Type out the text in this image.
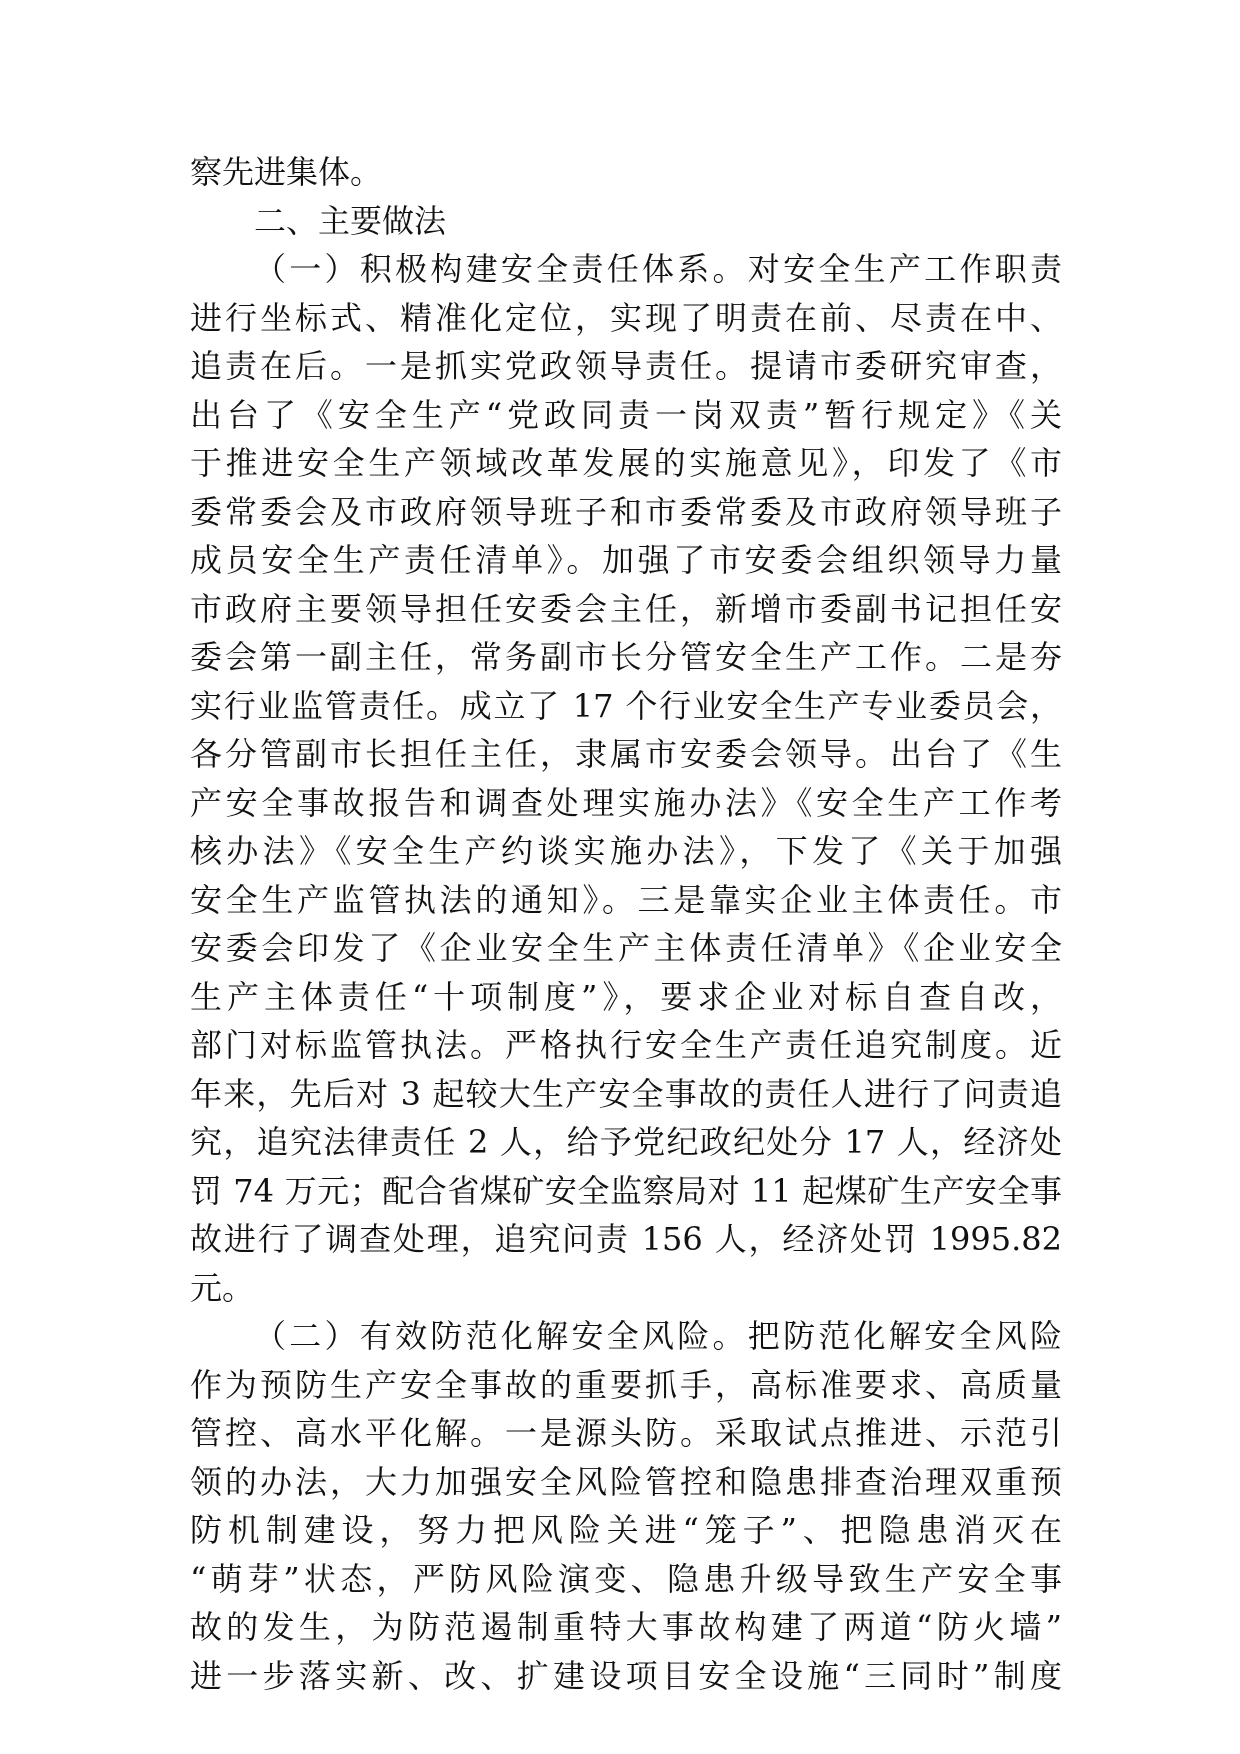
察先进集体。
二、主要做法
（一）积极构建安全责任体系。对安全生产工作职责
进行坐标式、精准化定位，实现了明责在前、尽责在中、
追责在后。一是抓实党政领导责任。提请市委研究审查，
出台了《安全生产“党政同责一岗双责”暂行规定》《关
于推进安全生产领域改革发展的实施意见》，印发了《市
委常委会及市政府领导班子和市委常委及市政府领导班子
成员安全生产责任清单》。加强了市安委会组织领导力量
市政府主要领导担任安委会主任，新增市委副书记担任安
委会第一副主任，常务副市长分管安全生产工作。二是夯
实行业监管责任。成立了 17 个行业安全生产专业委员会，
各分管副市长担任主任，隶属市安委会领导。出台了《生
产安全事故报告和调查处理实施办法》《安全生产工作考
核办法》《安全生产约谈实施办法》，下发了《关于加强
安全生产监管执法的通知》。三是靠实企业主体责任。市
安委会印发了《企业安全生产主体责任清单》《企业安全
生产主体责任“十项制度”》，要求企业对标自查自改，
部门对标监管执法。严格执行安全生产责任追究制度。近
年来，先后对 3 起较大生产安全事故的责任人进行了问责追
究，追究法律责任 2 人，给予党纪政纪处分 17 人，经济处
罚 74 万元；配合省煤矿安全监察局对 11 起煤矿生产安全事
故进行了调查处理，追究问责 156 人，经济处罚 1995.82
元。
（二）有效防范化解安全风险。把防范化解安全风险
作为预防生产安全事故的重要抓手，高标准要求、高质量
管控、高水平化解。一是源头防。采取试点推进、示范引
领的办法，大力加强安全风险管控和隐患排查治理双重预
防机制建设，努力把风险关进“笼子”、把隐患消灭在
“萌芽”状态，严防风险演变、隐患升级导致生产安全事
故的发生，为防范遏制重特大事故构建了两道“防火墙”
进一步落实新、改、扩建设项目安全设施“三同时”制度
